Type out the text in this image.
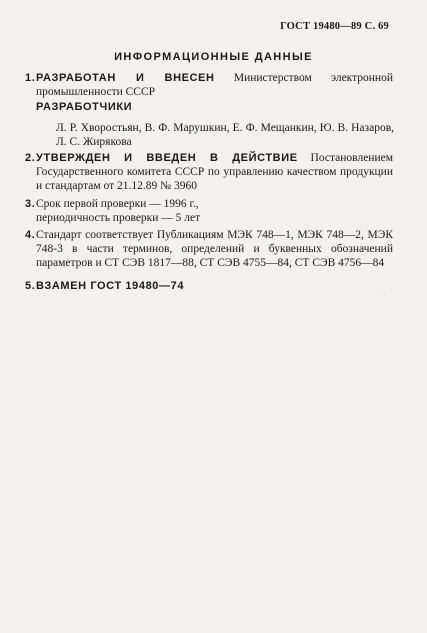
ГОСТ 19480—89 С. 69
ИНФОРМАЦИОННЫЕ ДАННЫЕ
1. РАЗРАБОТАН И ВНЕСЕН Министерством электронной промышленности СССР
РАЗРАБОТЧИКИ
Л. Р. Хворостьян, В. Ф. Марушкин, Е. Ф. Мещанкин, Ю. В. Назаров, Л. С. Жирякова
2. УТВЕРЖДЕН И ВВЕДЕН В ДЕЙСТВИЕ Постановлением Государственного комитета СССР по управлению качеством продукции и стандартам от 21.12.89 № 3960
3. Срок первой проверки — 1996 г., периодичность проверки — 5 лет
4. Стандарт соответствует Публикациям МЭК 748—1, МЭК 748—2, МЭК 748-3 в части терминов, определений и буквенных обозначений параметров и СТ СЭВ 1817—88, СТ СЭВ 4755—84, СТ СЭВ 4756—84
5. ВЗАМЕН ГОСТ 19480—74
· ·
